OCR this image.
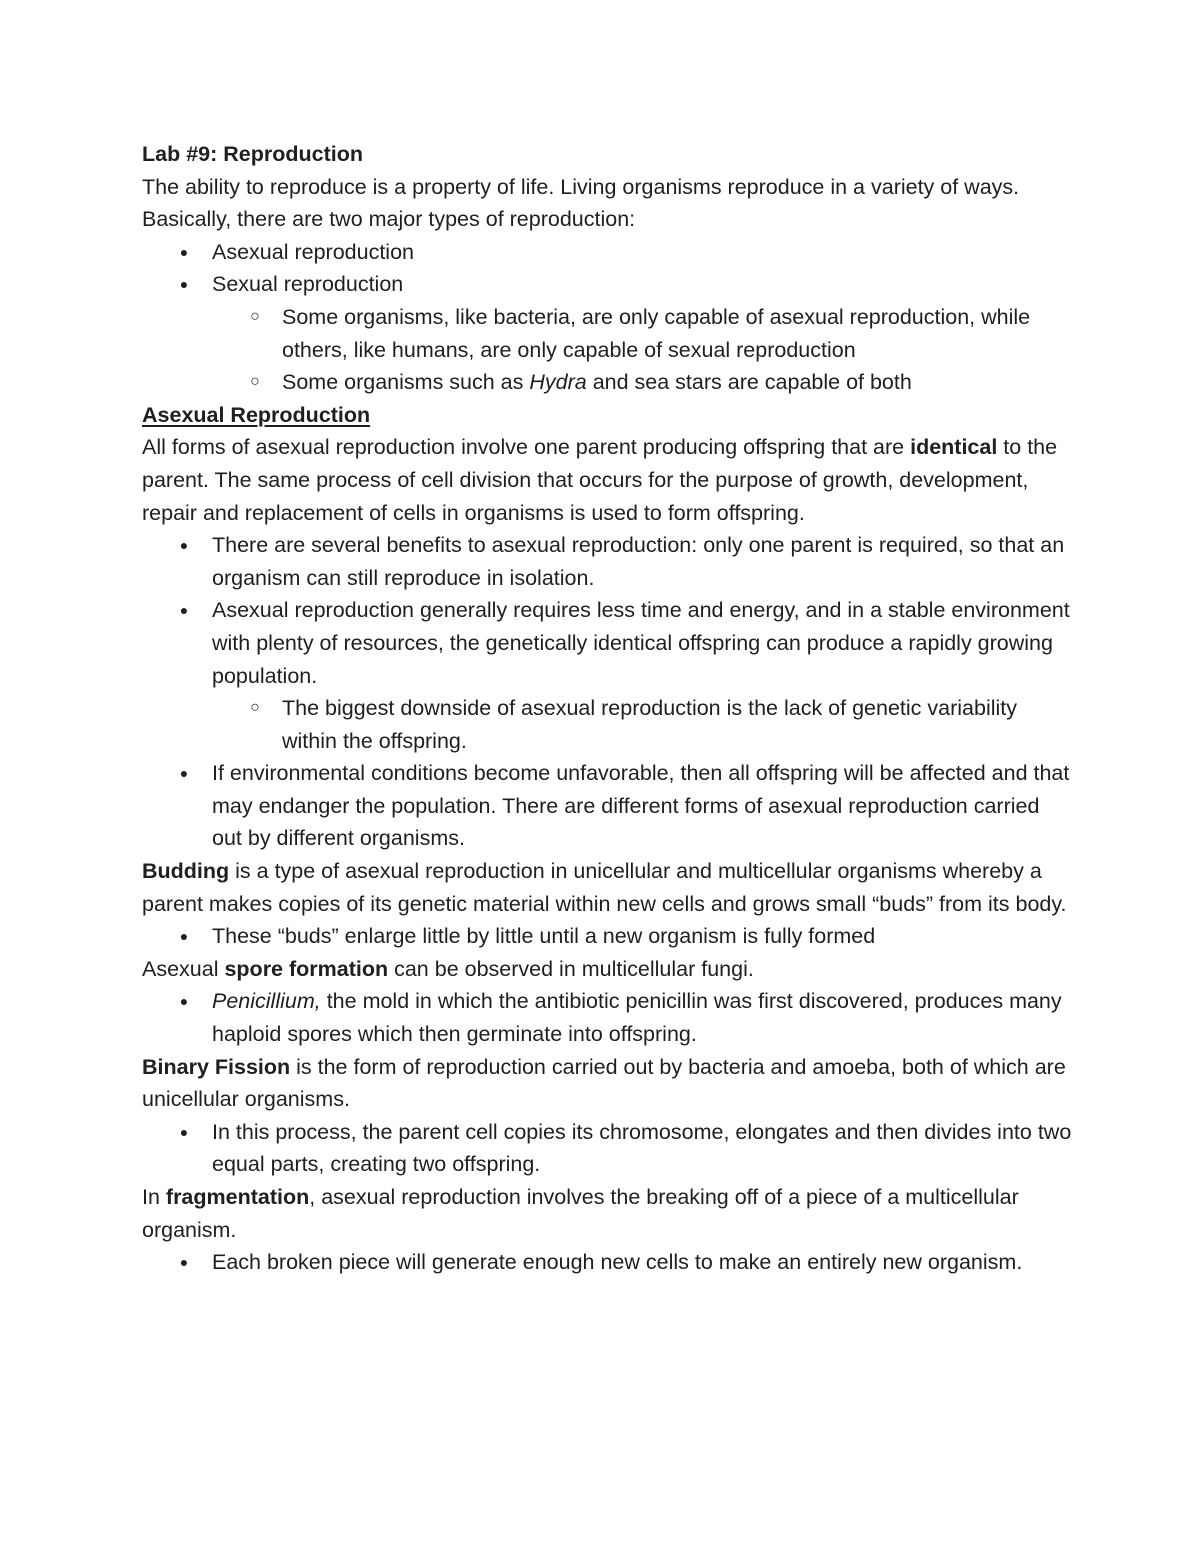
Lab #9: Reproduction

The ability to reproduce is a property of life. Living organisms reproduce in a variety of ways. Basically, there are two major types of reproduction:

● Asexual reproduction
● Sexual reproduction
○ Some organisms, like bacteria, are only capable of asexual reproduction, while others, like humans, are only capable of sexual reproduction
○ Some organisms such as Hydra and sea stars are capable of both

Asexual Reproduction

All forms of asexual reproduction involve one parent producing offspring that are identical to the parent. The same process of cell division that occurs for the purpose of growth, development, repair and replacement of cells in organisms is used to form offspring.

● There are several benefits to asexual reproduction: only one parent is required, so that an organism can still reproduce in isolation.
● Asexual reproduction generally requires less time and energy, and in a stable environment with plenty of resources, the genetically identical offspring can produce a rapidly growing population.
○ The biggest downside of asexual reproduction is the lack of genetic variability within the offspring.
● If environmental conditions become unfavorable, then all offspring will be affected and that may endanger the population. There are different forms of asexual reproduction carried out by different organisms.

Budding is a type of asexual reproduction in unicellular and multicellular organisms whereby a parent makes copies of its genetic material within new cells and grows small “buds” from its body.

● These “buds” enlarge little by little until a new organism is fully formed

Asexual spore formation can be observed in multicellular fungi.

● Penicillium, the mold in which the antibiotic penicillin was first discovered, produces many haploid spores which then germinate into offspring.

Binary Fission is the form of reproduction carried out by bacteria and amoeba, both of which are unicellular organisms.

● In this process, the parent cell copies its chromosome, elongates and then divides into two equal parts, creating two offspring.

In fragmentation, asexual reproduction involves the breaking off of a piece of a multicellular organism.

● Each broken piece will generate enough new cells to make an entirely new organism.
